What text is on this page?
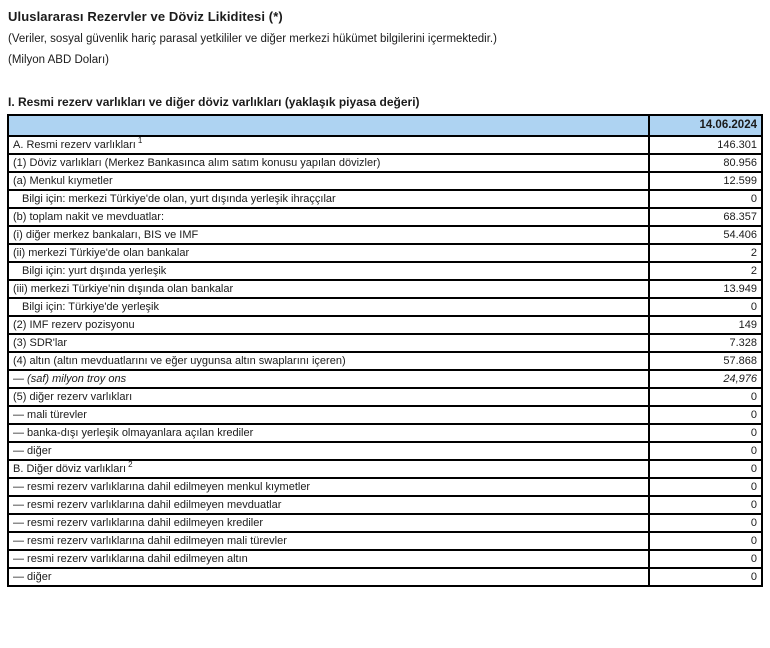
Uluslararası Rezervler ve Döviz Likiditesi (*)
(Veriler, sosyal güvenlik hariç parasal yetkililer ve diğer merkezi hükümet bilgilerini içermektedir.)
(Milyon ABD Doları)
I. Resmi rezerv varlıkları ve diğer döviz varlıkları (yaklaşık piyasa değeri)
	14.06.2024
A. Resmi rezerv varlıkları $^1$	146.301
(1) Döviz varlıkları (Merkez Bankasınca alım satım konusu yapılan dövizler)	80.956
(a) Menkul kıymetler	12.599
Bilgi için: merkezi Türkiye'de olan, yurt dışında yerleşik ihraççılar	0
(b) toplam nakit ve mevduatlar:	68.357
(i) diğer merkez bankaları, BIS ve IMF	54.406
(ii) merkezi Türkiye'de olan bankalar	2
Bilgi için: yurt dışında yerleşik	2
(iii) merkezi Türkiye'nin dışında olan bankalar	13.949
Bilgi için: Türkiye'de yerleşik	0
(2) IMF rezerv pozisyonu	149
(3) SDR'lar	7.328
(4) altın (altın mevduatlarını ve eğer uygunsa altın swaplarını içeren)	57.868
— (saf) milyon troy ons	24,976
(5) diğer rezerv varlıkları	0
— mali türevler	0
— banka-dışı yerleşik olmayanlara açılan krediler	0
— diğer	0
B. Diğer döviz varlıkları $^2$	0
— resmi rezerv varlıklarına dahil edilmeyen menkul kıymetler	0
— resmi rezerv varlıklarına dahil edilmeyen mevduatlar	0
— resmi rezerv varlıklarına dahil edilmeyen krediler	0
— resmi rezerv varlıklarına dahil edilmeyen mali türevler	0
— resmi rezerv varlıklarına dahil edilmeyen altın	0
— diğer	0
